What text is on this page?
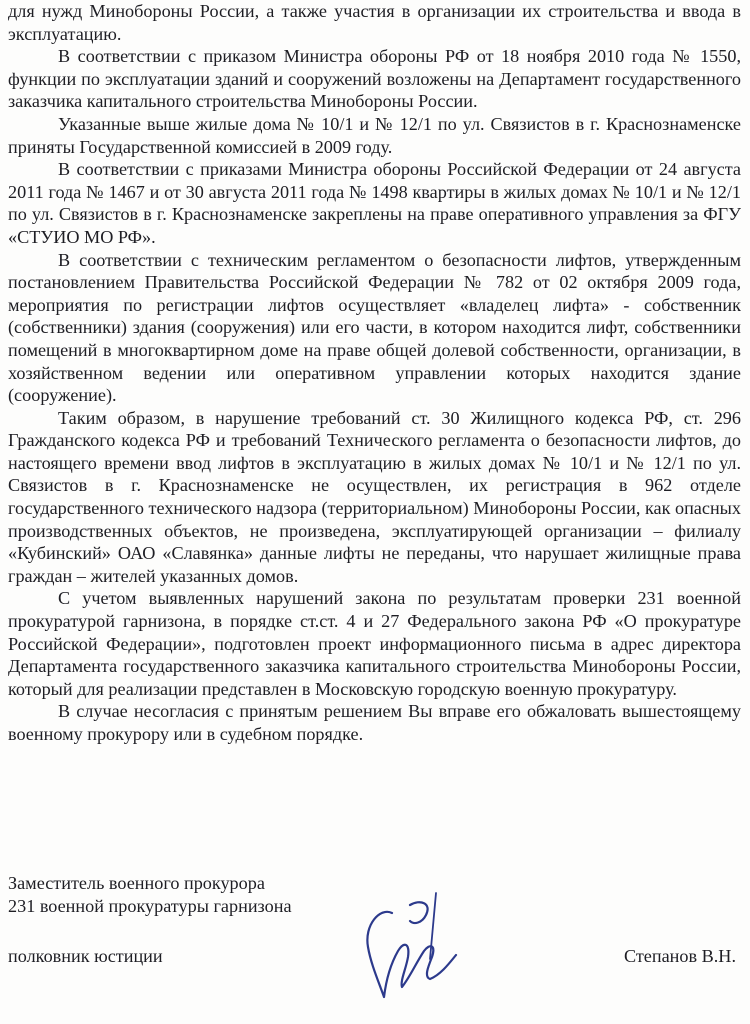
для нужд Минобороны России, а также участия в организации их строительства и ввода в эксплуатацию.

В соответствии с приказом Министра обороны РФ от 18 ноября 2010 года № 1550, функции по эксплуатации зданий и сооружений возложены на Департамент государственного заказчика капитального строительства Минобороны России.

Указанные выше жилые дома № 10/1 и № 12/1 по ул. Связистов в г. Краснознаменске приняты Государственной комиссией в 2009 году.

В соответствии с приказами Министра обороны Российской Федерации от 24 августа 2011 года № 1467 и от 30 августа 2011 года № 1498 квартиры в жилых домах № 10/1 и № 12/1 по ул. Связистов в г. Краснознаменске закреплены на праве оперативного управления за ФГУ «СТУИО МО РФ».

В соответствии с техническим регламентом о безопасности лифтов, утвержденным постановлением Правительства Российской Федерации № 782 от 02 октября 2009 года, мероприятия по регистрации лифтов осуществляет «владелец лифта» - собственник (собственники) здания (сооружения) или его части, в котором находится лифт, собственники помещений в многоквартирном доме на праве общей долевой собственности, организации, в хозяйственном ведении или оперативном управлении которых находится здание (сооружение).

Таким образом, в нарушение требований ст. 30 Жилищного кодекса РФ, ст. 296 Гражданского кодекса РФ и требований Технического регламента о безопасности лифтов, до настоящего времени ввод лифтов в эксплуатацию в жилых домах № 10/1 и № 12/1 по ул. Связистов в г. Краснознаменске не осуществлен, их регистрация в 962 отделе государственного технического надзора (территориальном) Минобороны России, как опасных производственных объектов, не произведена, эксплуатирующей организации – филиалу «Кубинский» ОАО «Славянка» данные лифты не переданы, что нарушает жилищные права граждан – жителей указанных домов.

С учетом выявленных нарушений закона по результатам проверки 231 военной прокуратурой гарнизона, в порядке ст.ст. 4 и 27 Федерального закона РФ «О прокуратуре Российской Федерации», подготовлен проект информационного письма в адрес директора Департамента государственного заказчика капитального строительства Минобороны России, который для реализации представлен в Московскую городскую военную прокуратуру.

В случае несогласия с принятым решением Вы вправе его обжаловать вышестоящему военному прокурору или в судебном порядке.

Заместитель военного прокурора
231 военной прокуратуры гарнизона
полковник юстиции	Степанов В.Н.
